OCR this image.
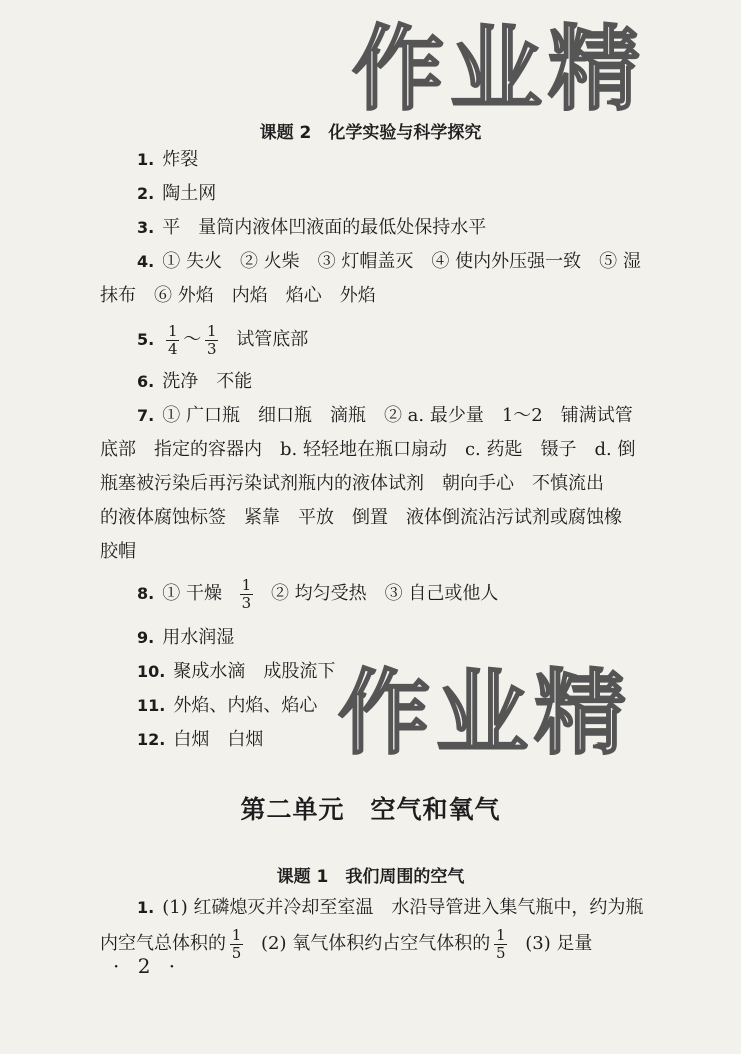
作业精
作业精
课题 2　化学实验与科学探究
1. 炸裂
2. 陶土网
3. 平　量筒内液体凹液面的最低处保持水平
4. ① 失火　② 火柴　③ 灯帽盖灭　④ 使内外压强一致　⑤ 湿
抹布　⑥ 外焰　内焰　焰心　外焰
5. $\frac{1}{4}$ ～ $\frac{1}{3}$ 试管底部
6. 洗净　不能
7. ① 广口瓶　细口瓶　滴瓶　② a. 最少量　1～2　铺满试管
底部　指定的容器内　b. 轻轻地在瓶口扇动　c. 药匙　镊子　d. 倒
瓶塞被污染后再污染试剂瓶内的液体试剂　朝向手心　不慎流出
的液体腐蚀标签　紧靠　平放　倒置　液体倒流沾污试剂或腐蚀橡
胶帽
8. ① 干燥 $\frac{1}{3}$ ② 均匀受热　③ 自己或他人
9. 用水润湿
10. 聚成水滴　成股流下
11. 外焰、内焰、焰心
12. 白烟　白烟
第二单元　空气和氧气
课题 1　我们周围的空气
1. (1) 红磷熄灭并冷却至室温　水沿导管进入集气瓶中，约为瓶
内空气总体积的 $\frac{1}{5} (2)$ 氧气体积约占空气体积的 $\frac{1}{5} (3)$ 足量
· 2 ·
